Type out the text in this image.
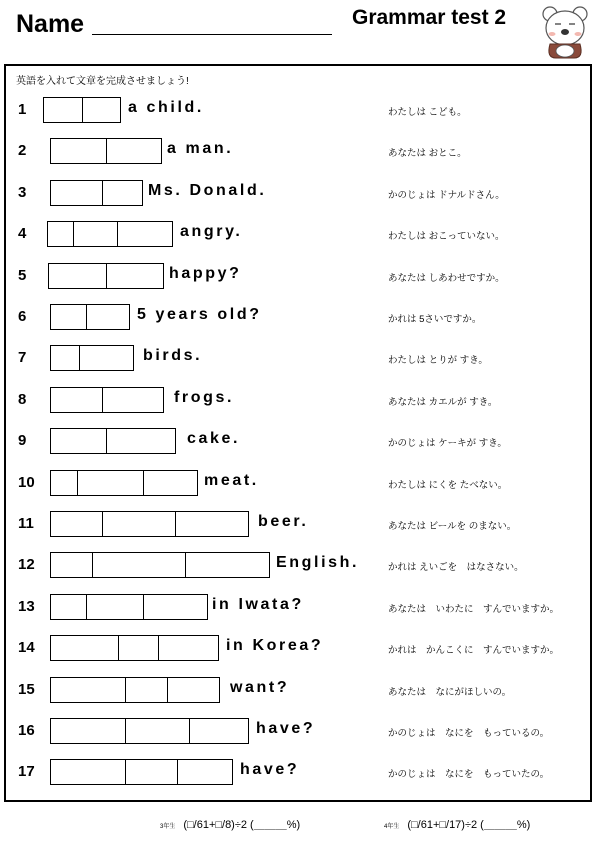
Name	Grammar test 2
英語を入れて文章を完成させましょう!
1	a child.	わたしは こども。
2	a man.	あなたは おとこ。
3	Ms. Donald.	かのじょは ドナルドさん。
4	angry.	わたしは おこっていない。
5	happy?	あなたは しあわせですか。
6	5 years old?	かれは 5さいですか。
7	birds.	わたしは とりが すき。
8	frogs.	あなたは カエルが すき。
9	cake.	かのじょは ケーキが すき。
10	meat.	わたしは にくを たべない。
11	beer.	あなたは ビールを のまない。
12	English.	かれは えいごを　はなさない。
13	in Iwata?	あなたは　いわたに　すんでいますか。
14	in Korea?	かれは　かんこくに　すんでいますか。
15	want?	あなたは　なにがほしいの。
16	have?	かのじょは　なにを　もっているの。
17	have?	かのじょは　なにを　もっていたの。
3年生 (□/61+□/8)÷2 (＿＿＿%)	4年生 (□/61+□/17)÷2 (＿＿＿%)
